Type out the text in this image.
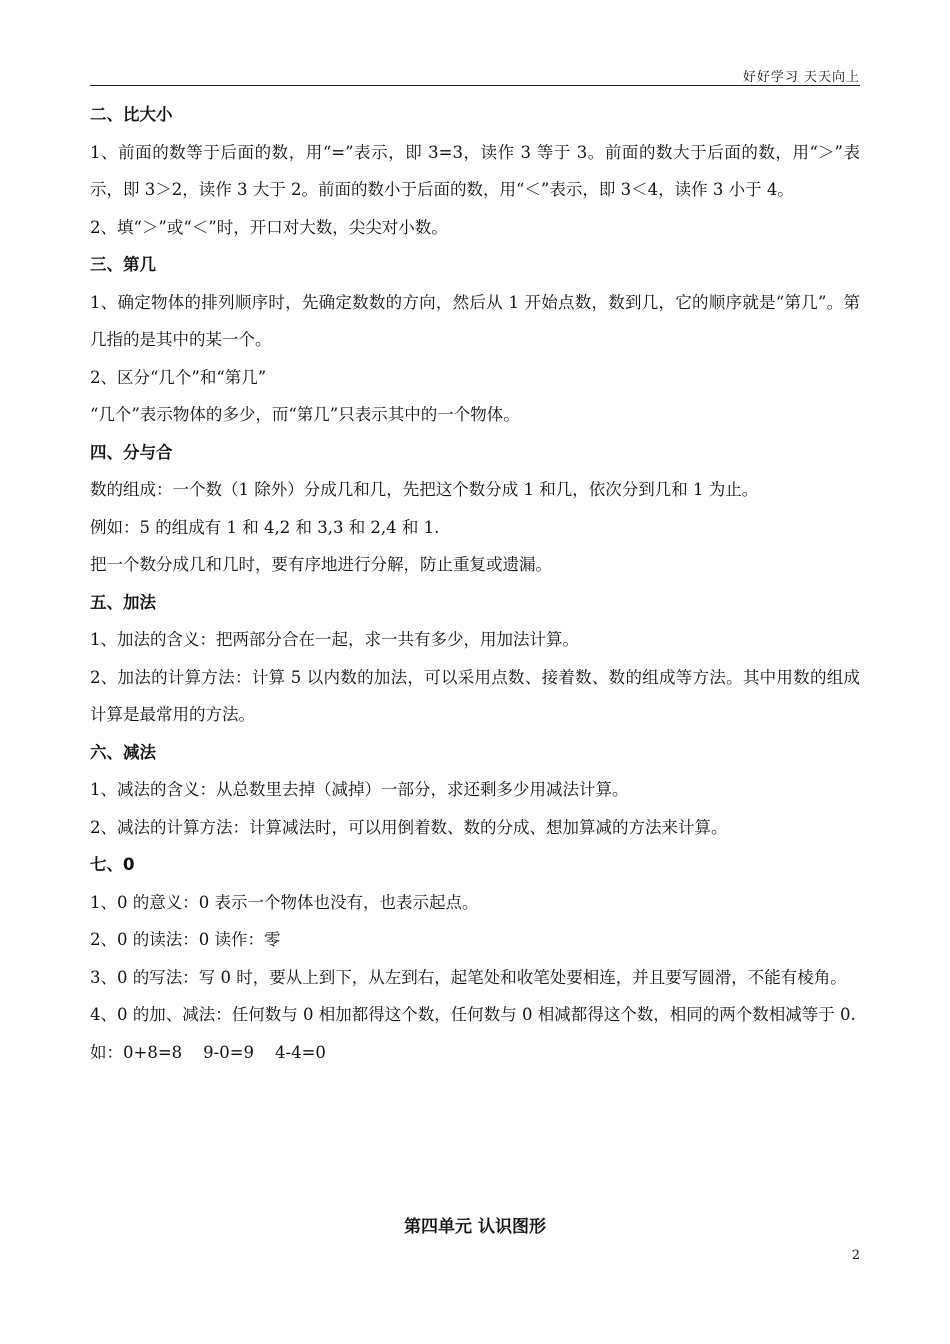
好好学习 天天向上
二、比大小

1、前面的数等于后面的数，用“=”表示，即 3=3，读作 3 等于 3。前面的数大于后面的数，用“＞”表示，即 3＞2，读作 3 大于 2。前面的数小于后面的数，用“＜”表示，即 3＜4，读作 3 小于 4。

2、填“＞”或“＜”时，开口对大数，尖尖对小数。

三、第几

1、确定物体的排列顺序时，先确定数数的方向，然后从 1 开始点数，数到几，它的顺序就是“第几”。第几指的是其中的某一个。

2、区分“几个”和“第几”

“几个”表示物体的多少，而“第几”只表示其中的一个物体。

四、分与合

数的组成：一个数（1 除外）分成几和几，先把这个数分成 1 和几，依次分到几和 1 为止。

例如：5 的组成有 1 和 4,2 和 3,3 和 2,4 和 1.

把一个数分成几和几时，要有序地进行分解，防止重复或遗漏。

五、加法

1、加法的含义：把两部分合在一起，求一共有多少，用加法计算。

2、加法的计算方法：计算 5 以内数的加法，可以采用点数、接着数、数的组成等方法。其中用数的组成计算是最常用的方法。

六、减法

1、减法的含义：从总数里去掉（减掉）一部分，求还剩多少用减法计算。

2、减法的计算方法：计算减法时，可以用倒着数、数的分成、想加算减的方法来计算。

七、0

1、0 的意义：0 表示一个物体也没有，也表示起点。

2、0 的读法：0 读作：零

3、0 的写法：写 0 时，要从上到下，从左到右，起笔处和收笔处要相连，并且要写圆滑，不能有棱角。

4、0 的加、减法：任何数与 0 相加都得这个数，任何数与 0 相减都得这个数，相同的两个数相减等于 0.

如：0+8=8    9-0=9    4-4=0

第四单元 认识图形
2
